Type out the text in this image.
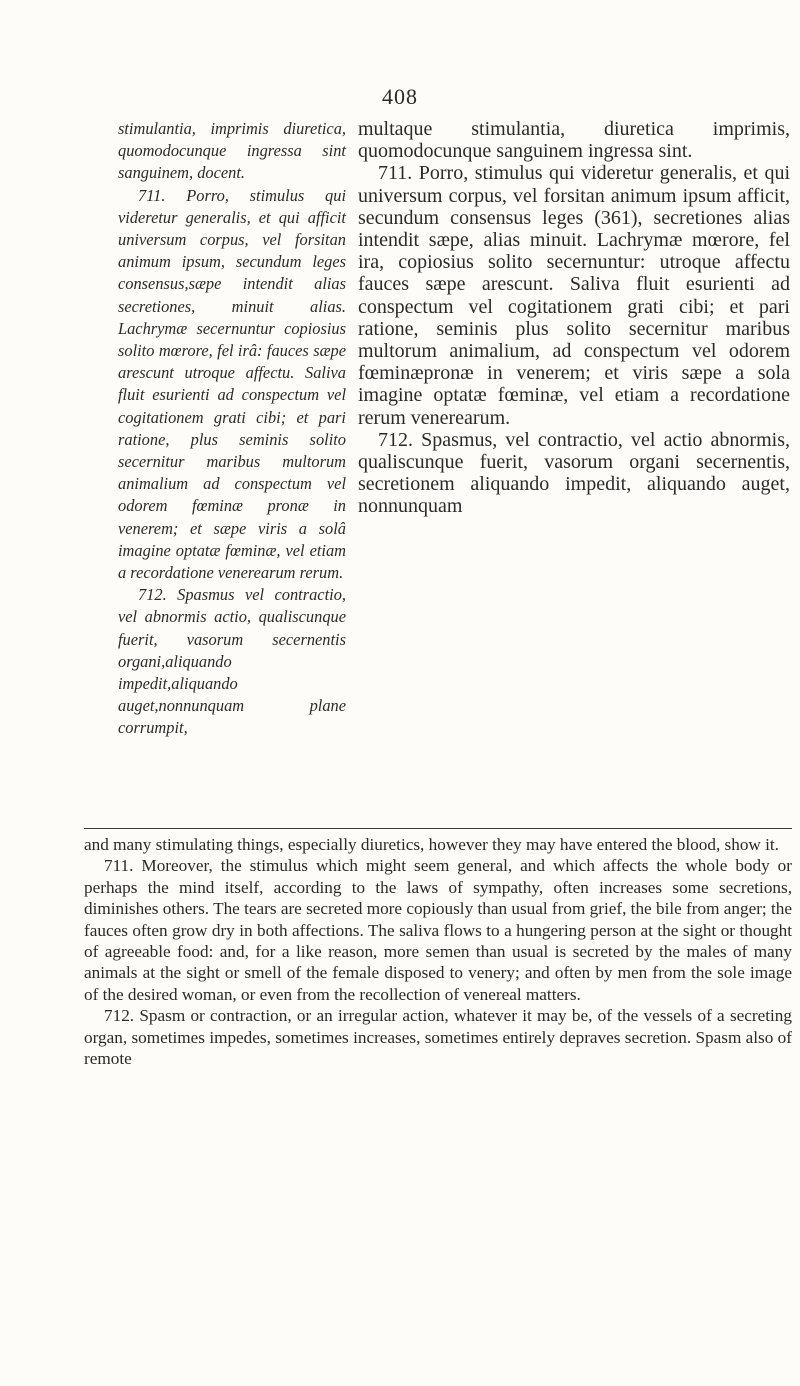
408

stimulantia, imprimis diuretica, quomodocunque ingressa sint sanguinem, docent.

711. Porro, stimulus qui videretur generalis, et qui afficit universum corpus, vel forsitan animum ipsum, secundum leges consensus,sæpe intendit alias secretiones, minuit alias. Lachrymæ secernuntur copiosius solito mœrore, fel irâ: fauces sæpe arescunt utroque affectu. Saliva fluit esurienti ad conspectum vel cogitationem grati cibi; et pari ratione, plus seminis solito secernitur maribus multorum animalium ad conspectum vel odorem fœminæ pronæ in venerem; et sæpe viris a solâ imagine optatæ fœminæ, vel etiam a recordatione venerearum rerum.

712. Spasmus vel contractio, vel abnormis actio, qualiscunque fuerit, vasorum secernentis organi,aliquando impedit,aliquando auget,nonnunquam plane corrumpit,

multaque stimulantia, diuretica imprimis, quomodocunque sanguinem ingressa sint.

711. Porro, stimulus qui videretur generalis, et qui universum corpus, vel forsitan animum ipsum afficit, secundum consensus leges (361), secretiones alias intendit sæpe, alias minuit. Lachrymæ mœrore, fel ira, copiosius solito secernuntur: utroque affectu fauces sæpe arescunt. Saliva fluit esurienti ad conspectum vel cogitationem grati cibi; et pari ratione, seminis plus solito secernitur maribus multorum animalium, ad conspectum vel odorem fœminæpronæ in venerem; et viris sæpe a sola imagine optatæ fœminæ, vel etiam a recordatione rerum venerearum.

712. Spasmus, vel contractio, vel actio abnormis, qualiscunque fuerit, vasorum organi secernentis, secretionem aliquando impedit, aliquando auget, nonnunquam

and many stimulating things, especially diuretics, however they may have entered the blood, show it.

711. Moreover, the stimulus which might seem general, and which affects the whole body or perhaps the mind itself, according to the laws of sympathy, often increases some secretions, diminishes others. The tears are secreted more copiously than usual from grief, the bile from anger; the fauces often grow dry in both affections. The saliva flows to a hungering person at the sight or thought of agreeable food: and, for a like reason, more semen than usual is secreted by the males of many animals at the sight or smell of the female disposed to venery; and often by men from the sole image of the desired woman, or even from the recollection of venereal matters.

712. Spasm or contraction, or an irregular action, whatever it may be, of the vessels of a secreting organ, sometimes impedes, sometimes increases, sometimes entirely depraves secretion. Spasm also of remote
